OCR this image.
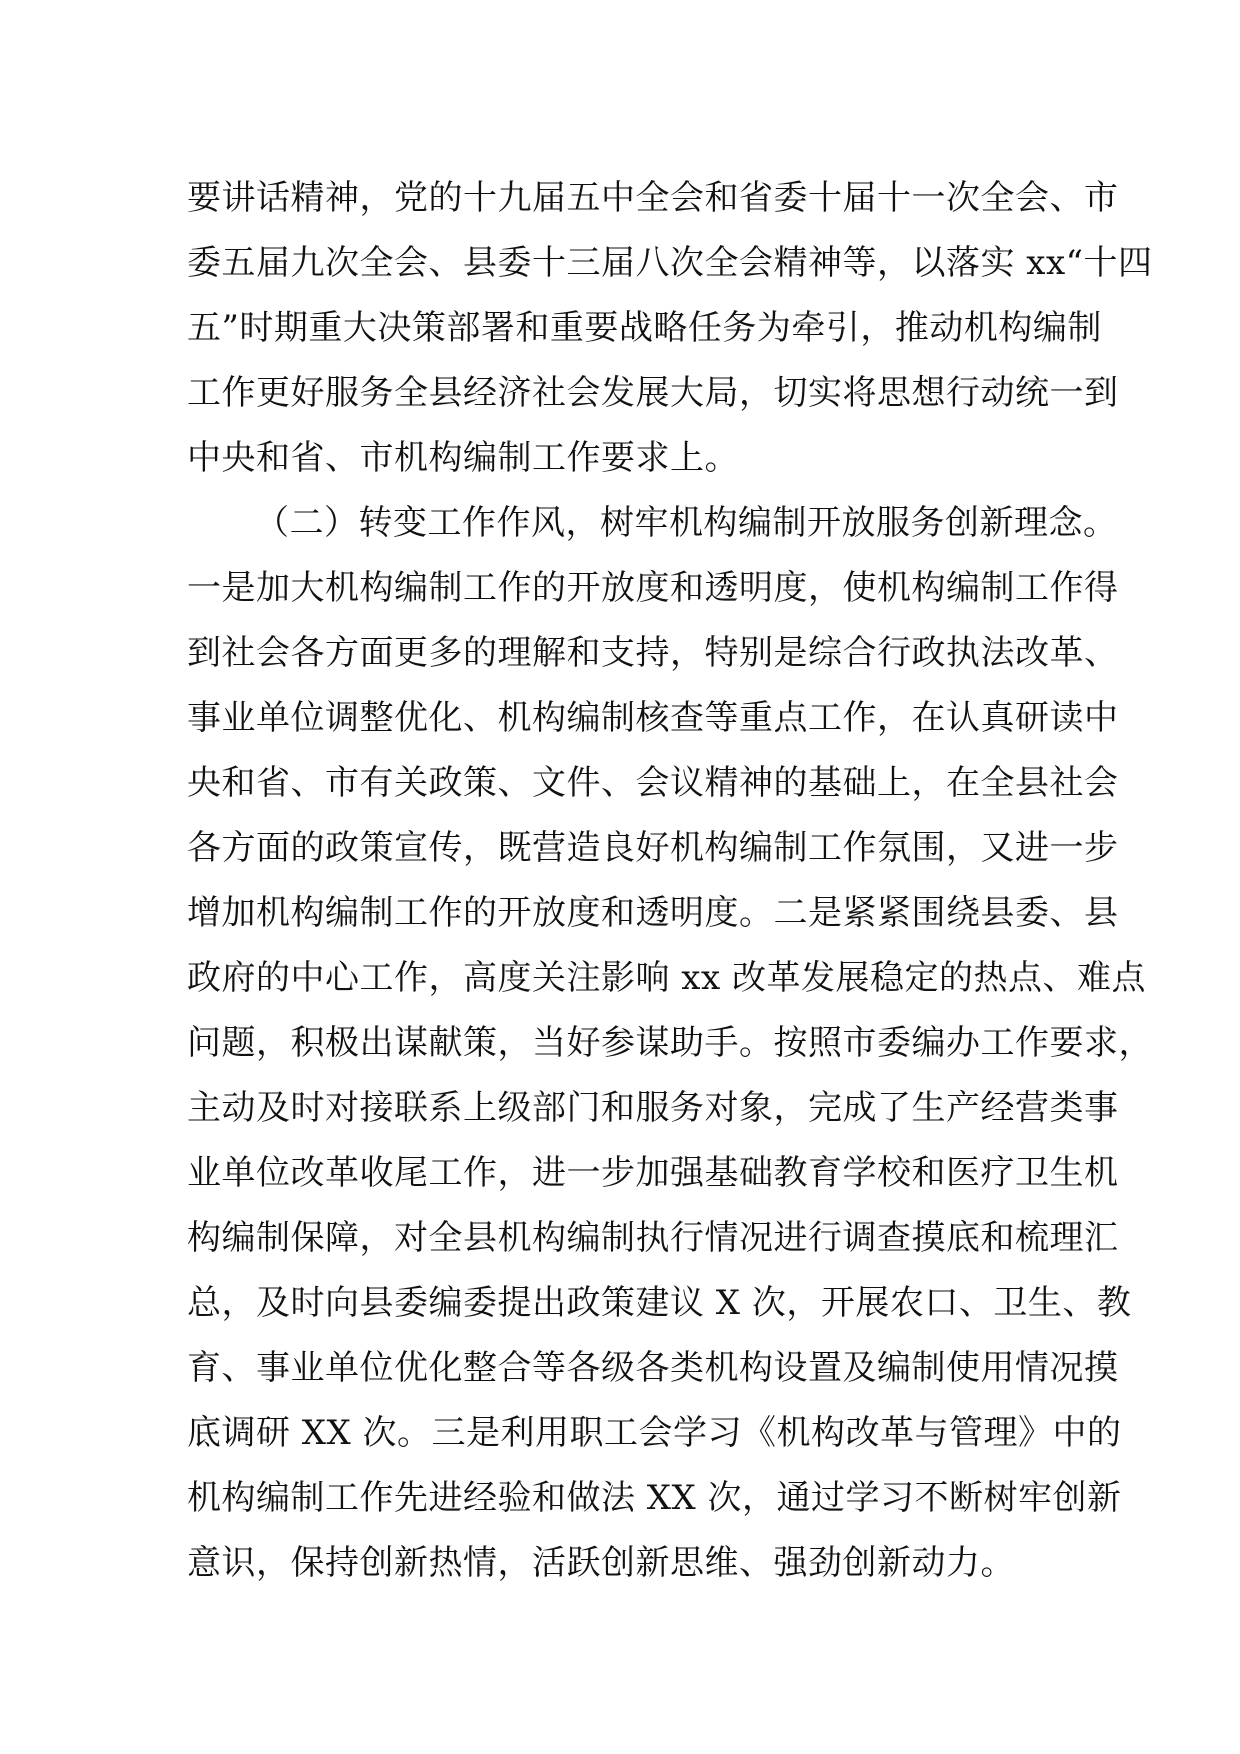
要讲话精神，党的十九届五中全会和省委十届十一次全会、市
委五届九次全会、县委十三届八次全会精神等，以落实 xx“十四
五”时期重大决策部署和重要战略任务为牵引，推动机构编制
工作更好服务全县经济社会发展大局，切实将思想行动统一到
中央和省、市机构编制工作要求上。
（二）转变工作作风，树牢机构编制开放服务创新理念。
一是加大机构编制工作的开放度和透明度，使机构编制工作得
到社会各方面更多的理解和支持，特别是综合行政执法改革、
事业单位调整优化、机构编制核查等重点工作，在认真研读中
央和省、市有关政策、文件、会议精神的基础上，在全县社会
各方面的政策宣传，既营造良好机构编制工作氛围，又进一步
增加机构编制工作的开放度和透明度。二是紧紧围绕县委、县
政府的中心工作，高度关注影响 xx 改革发展稳定的热点、难点
问题，积极出谋献策，当好参谋助手。按照市委编办工作要求，
主动及时对接联系上级部门和服务对象，完成了生产经营类事
业单位改革收尾工作，进一步加强基础教育学校和医疗卫生机
构编制保障，对全县机构编制执行情况进行调查摸底和梳理汇
总，及时向县委编委提出政策建议 X 次，开展农口、卫生、教
育、事业单位优化整合等各级各类机构设置及编制使用情况摸
底调研 XX 次。三是利用职工会学习《机构改革与管理》中的
机构编制工作先进经验和做法 XX 次，通过学习不断树牢创新
意识，保持创新热情，活跃创新思维、强劲创新动力。
